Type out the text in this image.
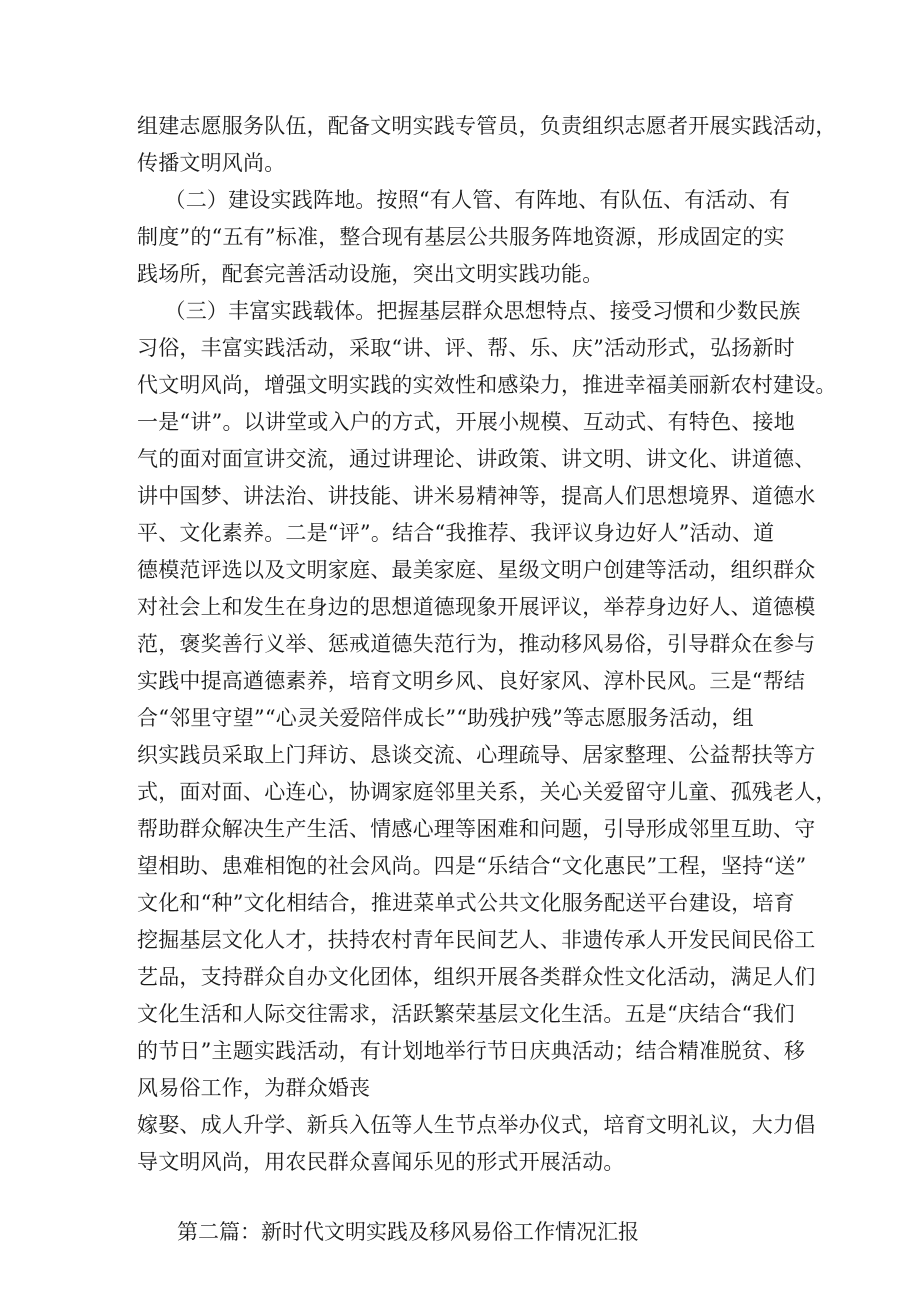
组建志愿服务队伍，配备文明实践专管员，负责组织志愿者开展实践活动，
传播文明风尚。
（二）建设实践阵地。按照“有人管、有阵地、有队伍、有活动、有
制度”的“五有”标准，整合现有基层公共服务阵地资源，形成固定的实
践场所，配套完善活动设施，突出文明实践功能。
（三）丰富实践载体。把握基层群众思想特点、接受习惯和少数民族
习俗，丰富实践活动，采取“讲、评、帮、乐、庆”活动形式，弘扬新时
代文明风尚，增强文明实践的实效性和感染力，推进幸福美丽新农村建设。
一是“讲”。以讲堂或入户的方式，开展小规模、互动式、有特色、接地
气的面对面宣讲交流，通过讲理论、讲政策、讲文明、讲文化、讲道德、
讲中国梦、讲法治、讲技能、讲米易精神等，提高人们思想境界、道德水
平、文化素养。二是“评”。结合“我推荐、我评议身边好人”活动、道
德模范评选以及文明家庭、最美家庭、星级文明户创建等活动，组织群众
对社会上和发生在身边的思想道德现象开展评议，举荐身边好人、道德模
范，褒奖善行义举、惩戒道德失范行为，推动移风易俗，引导群众在参与
实践中提高遒德素养，培育文明乡风、良好家风、淳朴民风。三是“帮结
合“邻里守望”“心灵关爱陪伴成长”“助残护残”等志愿服务活动，组
织实践员采取上门拜访、恳谈交流、心理疏导、居家整理、公益帮扶等方
式，面对面、心连心，协调家庭邻里关系，关心关爱留守儿童、孤残老人，
帮助群众解决生产生活、情感心理等困难和问题，引导形成邻里互助、守
望相助、患难相饱的社会风尚。四是“乐结合“文化惠民”工程，坚持“送”
文化和“种”文化相结合，推进菜单式公共文化服务配送平台建设，培育
挖掘基层文化人才，扶持农村青年民间艺人、非遗传承人开发民间民俗工
艺品，支持群众自办文化团体，组织开展各类群众性文化活动，满足人们
文化生活和人际交往需求，活跃繁荣基层文化生活。五是“庆结合“我们
的节日”主题实践活动，有计划地举行节日庆典活动；结合精准脱贫、移
风易俗工作，为群众婚丧
嫁娶、成人升学、新兵入伍等人生节点举办仪式，培育文明礼议，大力倡
导文明风尚，用农民群众喜闻乐见的形式开展活动。
第二篇：新时代文明实践及移风易俗工作情况汇报
